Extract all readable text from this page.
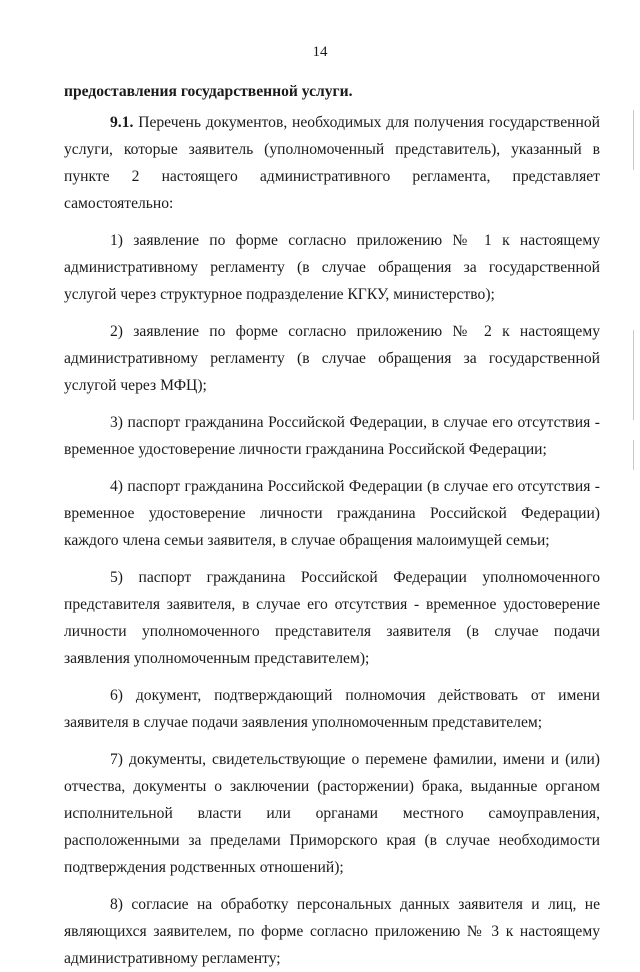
14

предоставления государственной услуги.

9.1. Перечень документов, необходимых для получения государственной услуги, которые заявитель (уполномоченный представитель), указанный в пункте 2 настоящего административного регламента, представляет самостоятельно:

1) заявление по форме согласно приложению № 1 к настоящему административному регламенту (в случае обращения за государственной услугой через структурное подразделение КГКУ, министерство);

2) заявление по форме согласно приложению № 2 к настоящему административному регламенту (в случае обращения за государственной услугой через МФЦ);

3) паспорт гражданина Российской Федерации, в случае его отсутствия - временное удостоверение личности гражданина Российской Федерации;

4) паспорт гражданина Российской Федерации (в случае его отсутствия - временное удостоверение личности гражданина Российской Федерации) каждого члена семьи заявителя, в случае обращения малоимущей семьи;

5) паспорт гражданина Российской Федерации уполномоченного представителя заявителя, в случае его отсутствия - временное удостоверение личности уполномоченного представителя заявителя (в случае подачи заявления уполномоченным представителем);

6) документ, подтверждающий полномочия действовать от имени заявителя в случае подачи заявления уполномоченным представителем;

7) документы, свидетельствующие о перемене фамилии, имени и (или) отчества, документы о заключении (расторжении) брака, выданные органом исполнительной власти или органами местного самоуправления, расположенными за пределами Приморского края (в случае необходимости подтверждения родственных отношений);

8) согласие на обработку персональных данных заявителя и лиц, не являющихся заявителем, по форме согласно приложению № 3 к настоящему административному регламенту;
